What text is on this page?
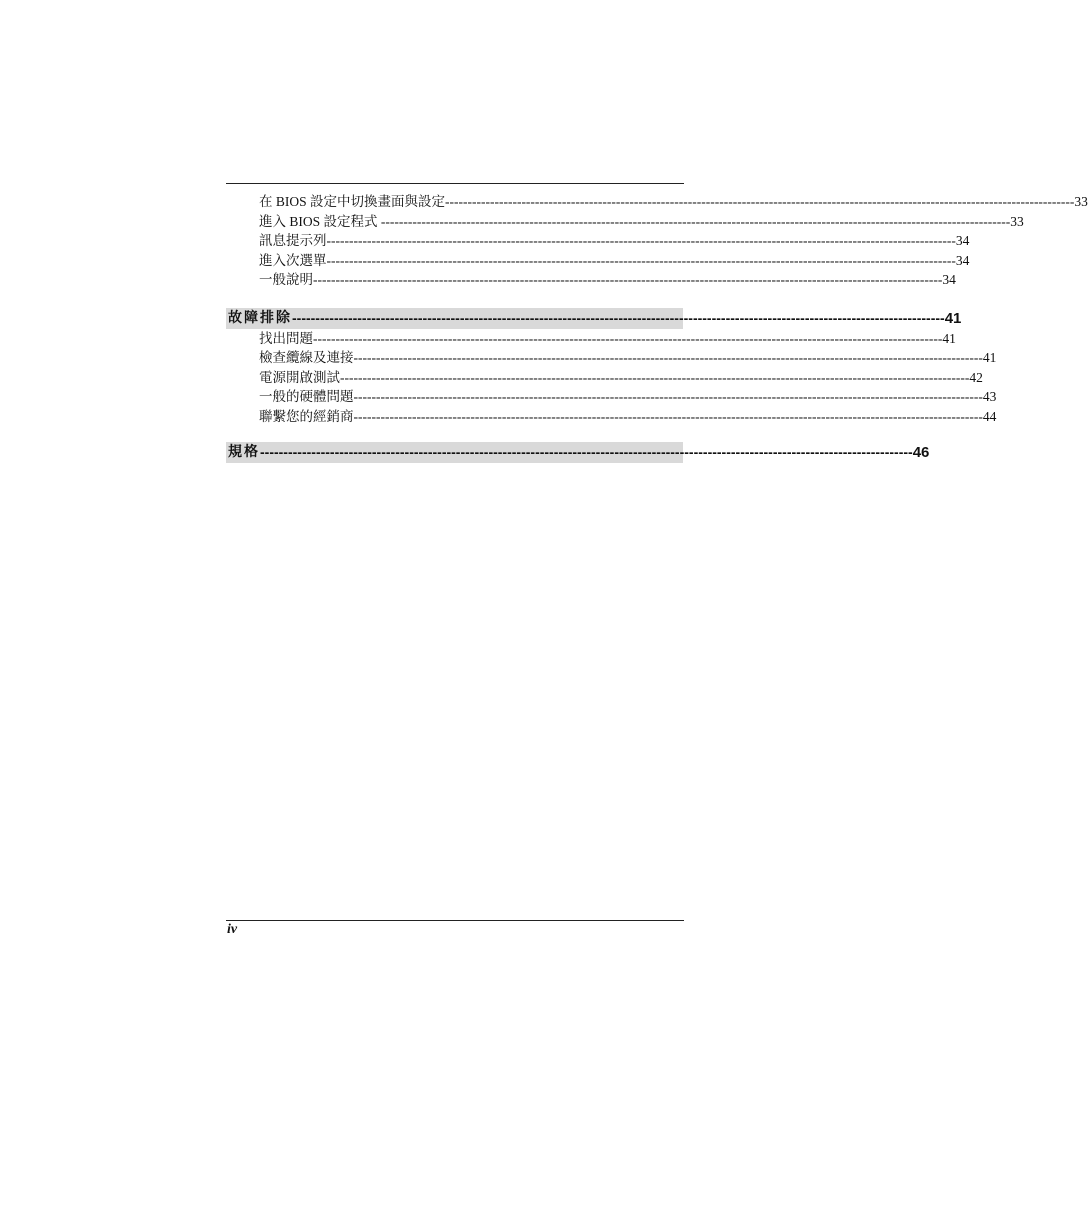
在 BIOS 設定中切換畫面與設定 -------------------------------------------------------------------------------------------------------------------------------------------- 33
進入 BIOS 設定程式 -------------------------------------------------------------------------------------------------------------------------------------------- 33
訊息提示列 -------------------------------------------------------------------------------------------------------------------------------------------- 34
進入次選單 -------------------------------------------------------------------------------------------------------------------------------------------- 34
一般說明 -------------------------------------------------------------------------------------------------------------------------------------------- 34
故障排除 -------------------------------------------------------------------------------------------------------------------------------------------- 41
找出問題 -------------------------------------------------------------------------------------------------------------------------------------------- 41
檢查纜線及連接 -------------------------------------------------------------------------------------------------------------------------------------------- 41
電源開啟測試 -------------------------------------------------------------------------------------------------------------------------------------------- 42
一般的硬體問題 -------------------------------------------------------------------------------------------------------------------------------------------- 43
聯繫您的經銷商 -------------------------------------------------------------------------------------------------------------------------------------------- 44
規格 -------------------------------------------------------------------------------------------------------------------------------------------- 46
iv
